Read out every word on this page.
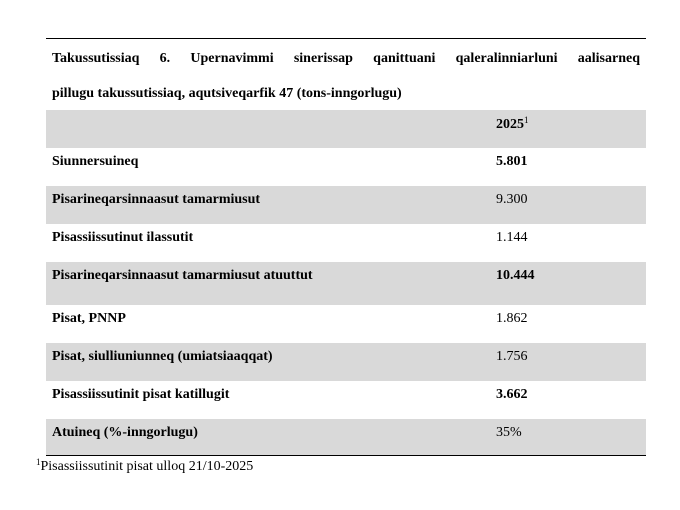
Takussutissiaq 6. Upernavimmi sinerissap qanittuani qaleralinniarluni aalisarneq
pillugu takussutissiaq, aqutsiveqarfik 47 (tons-inngorlugu)
	2025$^1$
Siunnersuineq	5.801
Pisarineqarsinnaasut tamarmiusut	9.300
Pisassiissutinut ilassutit	1.144
Pisarineqarsinnaasut tamarmiusut atuuttut	10.444
Pisat, PNNP	1.862
Pisat, siulliuniunneq (umiatsiaaqqat)	1.756
Pisassiissutinit pisat katillugit	3.662
Atuineq (%-inngorlugu)	35%
$^1$Pisassiissutinit pisat ulloq 21/10-2025
